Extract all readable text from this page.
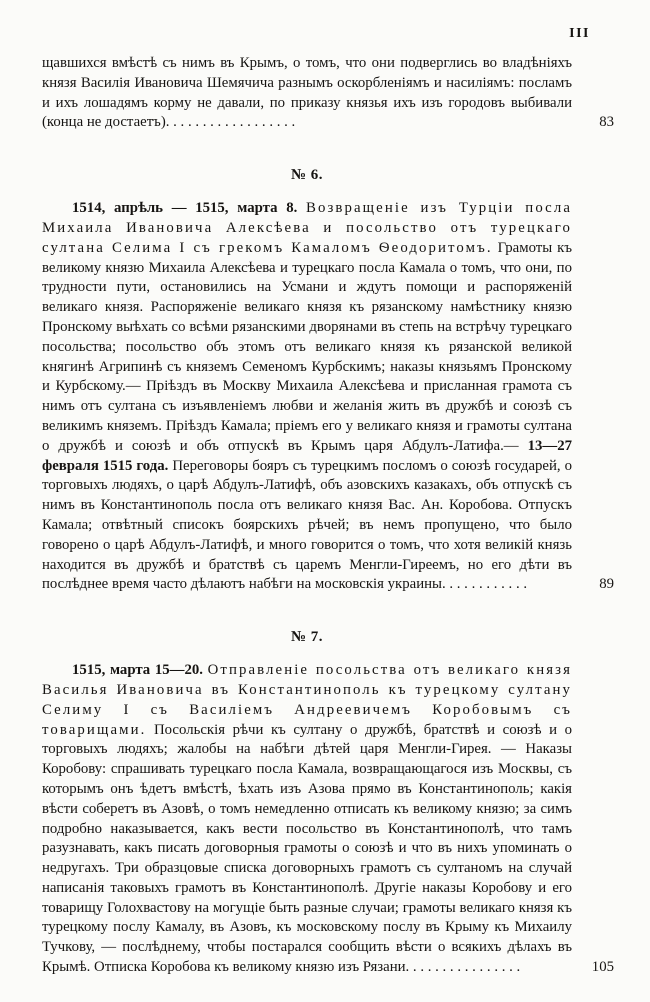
III

щавшихся вмѣстѣ съ нимъ въ Крымъ, о томъ, что они подверглись во владѣніяхъ князя Василія Ивановича Шемячича разнымъ оскорбленіямъ и насиліямъ: посламъ и ихъ лошадямъ корму не давали, по приказу князья ихъ изъ городовъ выбивали (конца не достаетъ). . . . . . . . . . . . . . . . . .	83
№ 6.

1514, апрѣль — 1515, марта 8. Возвращеніе изъ Турціи посла Михаила Ивановича Алексѣева и посольство отъ турецкаго султана Селима I съ грекомъ Камаломъ Ѳеодоритомъ. Грамоты къ великому князю Михаила Алексѣева и турецкаго посла Камала о томъ, что они, по трудности пути, остановились на Усмани и ждутъ помощи и распоряженій великаго князя. Распоряженіе великаго князя къ рязанскому намѣстнику князю Пронскому выѣхать со всѣми рязанскими дворянами въ степь на встрѣчу турецкаго посольства; посольство объ этомъ отъ великаго князя къ рязанской великой княгинѣ Агрипинѣ съ княземъ Семеномъ Курбскимъ; наказы князьямъ Пронскому и Курбскому.— Пріѣздъ въ Москву Михаила Алексѣева и присланная грамота съ нимъ отъ султана съ изъявленіемъ любви и желанія жить въ дружбѣ и союзѣ съ великимъ княземъ. Пріѣздъ Камала; пріемъ его у великаго князя и грамоты султана о дружбѣ и союзѣ и объ отпускѣ въ Крымъ царя Абдулъ-Латифа.— 13—27 февраля 1515 года. Переговоры бояръ съ турецкимъ посломъ о союзѣ государей, о торговыхъ людяхъ, о царѣ Абдулъ-Латифѣ, объ азовскихъ казакахъ, объ отпускѣ съ нимъ въ Константинополь посла отъ великаго князя Вас. Ан. Коробова. Отпускъ Камала; отвѣтный списокъ боярскихъ рѣчей; въ немъ пропущено, что было говорено о царѣ Абдулъ-Латифѣ, и много говорится о томъ, что хотя великій князь находится въ дружбѣ и братствѣ съ царемъ Менгли-Гиреемъ, но его дѣти въ послѣднее время часто дѣлаютъ набѣги на московскія украины. . . . . . . . . . . .	89
№ 7.

1515, марта 15—20. Отправленіе посольства отъ великаго князя Василья Ивановича въ Константинополь къ турецкому султану Селиму I съ Василіемъ Андреевичемъ Коробовымъ съ товарищами. Посольскія рѣчи къ султану о дружбѣ, братствѣ и союзѣ и о торговыхъ людяхъ; жалобы на набѣги дѣтей царя Менгли-Гирея. — Наказы Коробову: спрашивать турецкаго посла Камала, возвращающагося изъ Москвы, съ которымъ онъ ѣдетъ вмѣстѣ, ѣхать изъ Азова прямо въ Константинополь; какія вѣсти соберетъ въ Азовѣ, о томъ немедленно отписать къ великому князю; за симъ подробно наказывается, какъ вести посольство въ Константинополѣ, что тамъ разузнавать, какъ писать договорныя грамоты о союзѣ и что въ нихъ упоминать о недругахъ. Три образцовые списка договорныхъ грамотъ съ султаномъ на случай написанія таковыхъ грамотъ въ Константинополѣ. Другіе наказы Коробову и его товарищу Голохвастову на могущіе быть разные случаи; грамоты великаго князя къ турецкому послу Камалу, въ Азовъ, къ московскому послу въ Крыму къ Михаилу Тучкову, — послѣднему, чтобы постарался сообщить вѣсти о всякихъ дѣлахъ въ Крымѣ. Отписка Коробова къ великому князю изъ Рязани. . . . . . . . . . . . . . . .	105
